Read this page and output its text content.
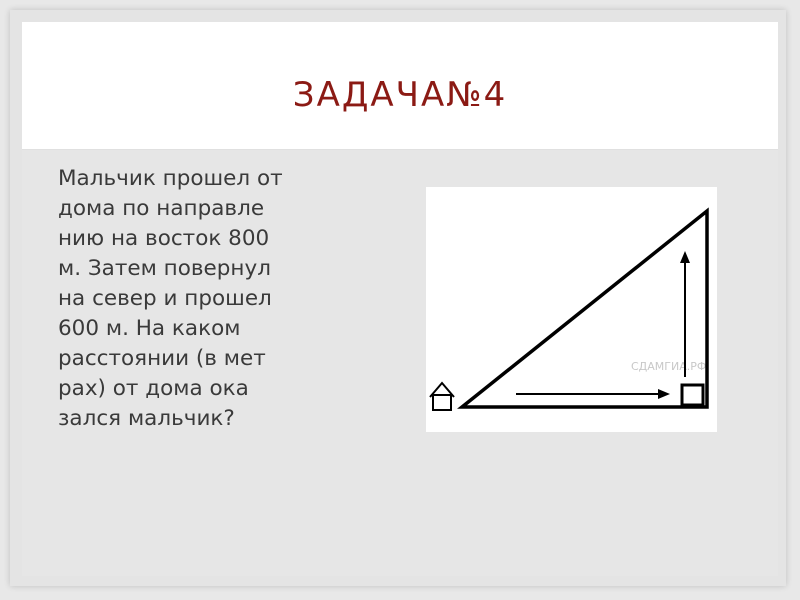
ЗАДАЧА№4

Мальчик прошел от
дома по направле
нию на восток 800
м. Затем повернул
на север и прошел
600 м. На каком
расстоянии (в мет
рах) от дома ока
зался мальчик?

СДАМГИА.РФ
